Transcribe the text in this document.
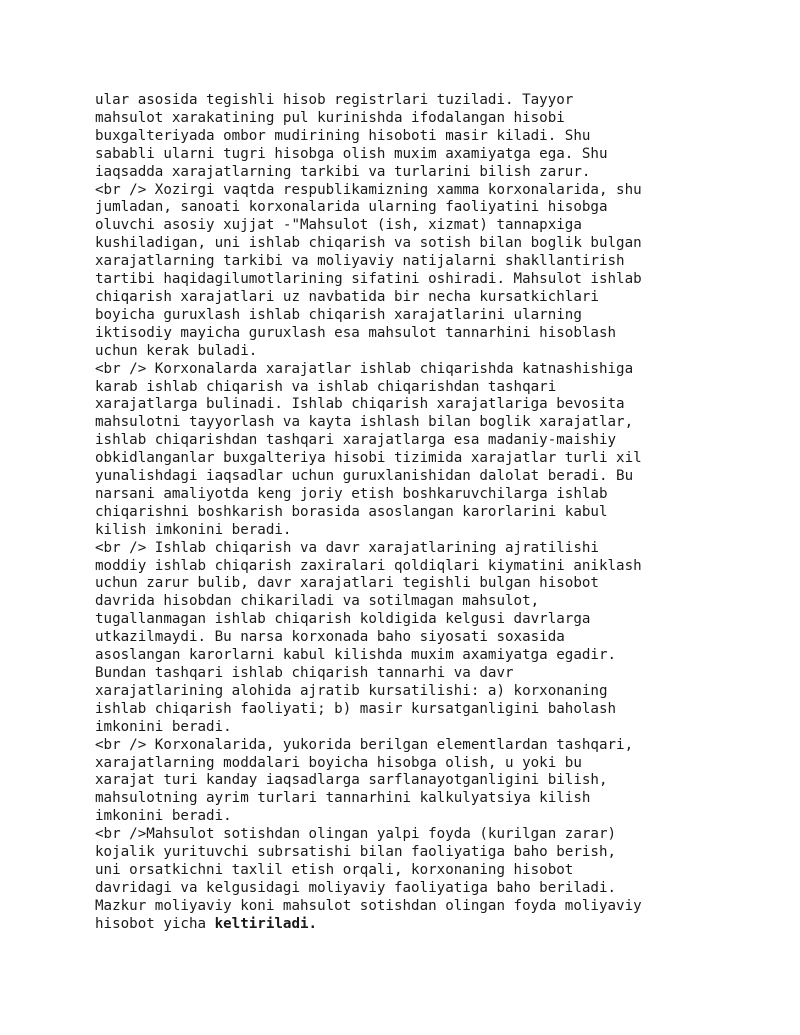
ular asosida tegishli hisob registrlari tuziladi. Tayyor
mahsulot xarakatining pul kurinishda ifodalangan hisobi
buxgalteriyada ombor mudirining hisoboti masir kiladi. Shu
sababli ularni tugri hisobga olish muxim axamiyatga ega. Shu
iaqsadda xarajatlarning tarkibi va turlarini bilish zarur.
<br /> Xozirgi vaqtda respublikamizning xamma korxonalarida, shu
jumladan, sanoati korxonalarida ularning faoliyatini hisobga
oluvchi asosiy xujjat -"Mahsulot (ish, xizmat) tannapxiga
kushiladigan, uni ishlab chiqarish va sotish bilan boglik bulgan
xarajatlarning tarkibi va moliyaviy natijalarni shakllantirish
tartibi haqidagilumotlarining sifatini oshiradi. Mahsulot ishlab
chiqarish xarajatlari uz navbatida bir necha kursatkichlari
boyicha guruxlash ishlab chiqarish xarajatlarini ularning
iktisodiy mayicha guruxlash esa mahsulot tannarhini hisoblash
uchun kerak buladi.
<br /> Korxonalarda xarajatlar ishlab chiqarishda katnashishiga
karab ishlab chiqarish va ishlab chiqarishdan tashqari
xarajatlarga bulinadi. Ishlab chiqarish xarajatlariga bevosita
mahsulotni tayyorlash va kayta ishlash bilan boglik xarajatlar,
ishlab chiqarishdan tashqari xarajatlarga esa madaniy-maishiy
obkidlanganlar buxgalteriya hisobi tizimida xarajatlar turli xil
yunalishdagi iaqsadlar uchun guruxlanishidan dalolat beradi. Bu
narsani amaliyotda keng joriy etish boshkaruvchilarga ishlab
chiqarishni boshkarish borasida asoslangan karorlarini kabul
kilish imkonini beradi.
<br /> Ishlab chiqarish va davr xarajatlarining ajratilishi
moddiy ishlab chiqarish zaxiralari qoldiqlari kiymatini aniklash
uchun zarur bulib, davr xarajatlari tegishli bulgan hisobot
davrida hisobdan chikariladi va sotilmagan mahsulot,
tugallanmagan ishlab chiqarish koldigida kelgusi davrlarga
utkazilmaydi. Bu narsa korxonada baho siyosati soxasida
asoslangan karorlarni kabul kilishda muxim axamiyatga egadir.
Bundan tashqari ishlab chiqarish tannarhi va davr
xarajatlarining alohida ajratib kursatilishi: a) korxonaning
ishlab chiqarish faoliyati; b) masir kursatganligini baholash
imkonini beradi.
<br /> Korxonalarida, yukorida berilgan elementlardan tashqari,
xarajatlarning moddalari boyicha hisobga olish, u yoki bu
xarajat turi kanday iaqsadlarga sarflanayotganligini bilish,
mahsulotning ayrim turlari tannarhini kalkulyatsiya kilish
imkonini beradi.
<br />Mahsulot sotishdan olingan yalpi foyda (kurilgan zarar)
kojalik yurituvchi subrsatishi bilan faoliyatiga baho berish,
uni orsatkichni taxlil etish orqali, korxonaning hisobot
davridagi va kelgusidagi moliyaviy faoliyatiga baho beriladi.
Mazkur moliyaviy koni mahsulot sotishdan olingan foyda moliyaviy
hisobot yicha keltiriladi.
